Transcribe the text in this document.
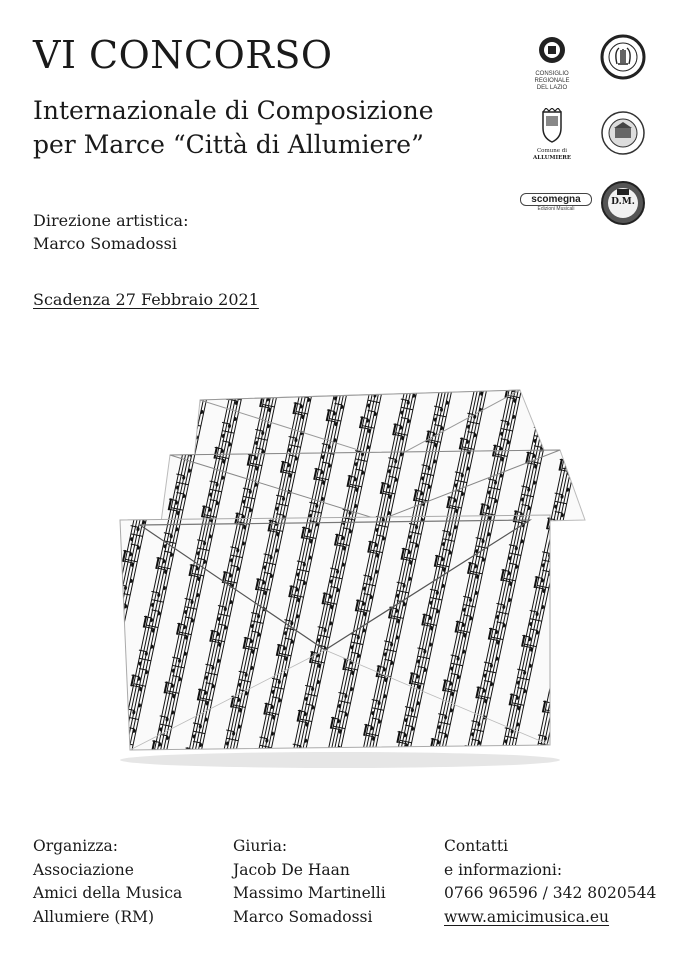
VI CONCORSO
Internazionale di Composizione
per Marce “Città di Allumiere”
Direzione artistica:
Marco Somadossi
Scadenza 27 Febbraio 2021
CONSIGLIO
REGIONALE
DEL LAZIO
Comune di
ALLUMIERE
scomegna
Edizioni Musicali
D.M.
Organizza:
Associazione
Amici della Musica
Allumiere (RM)
Giuria:
Jacob De Haan
Massimo Martinelli
Marco Somadossi
Contatti
e informazioni:
0766 96596 / 342 8020544
www.amicimusica.eu
